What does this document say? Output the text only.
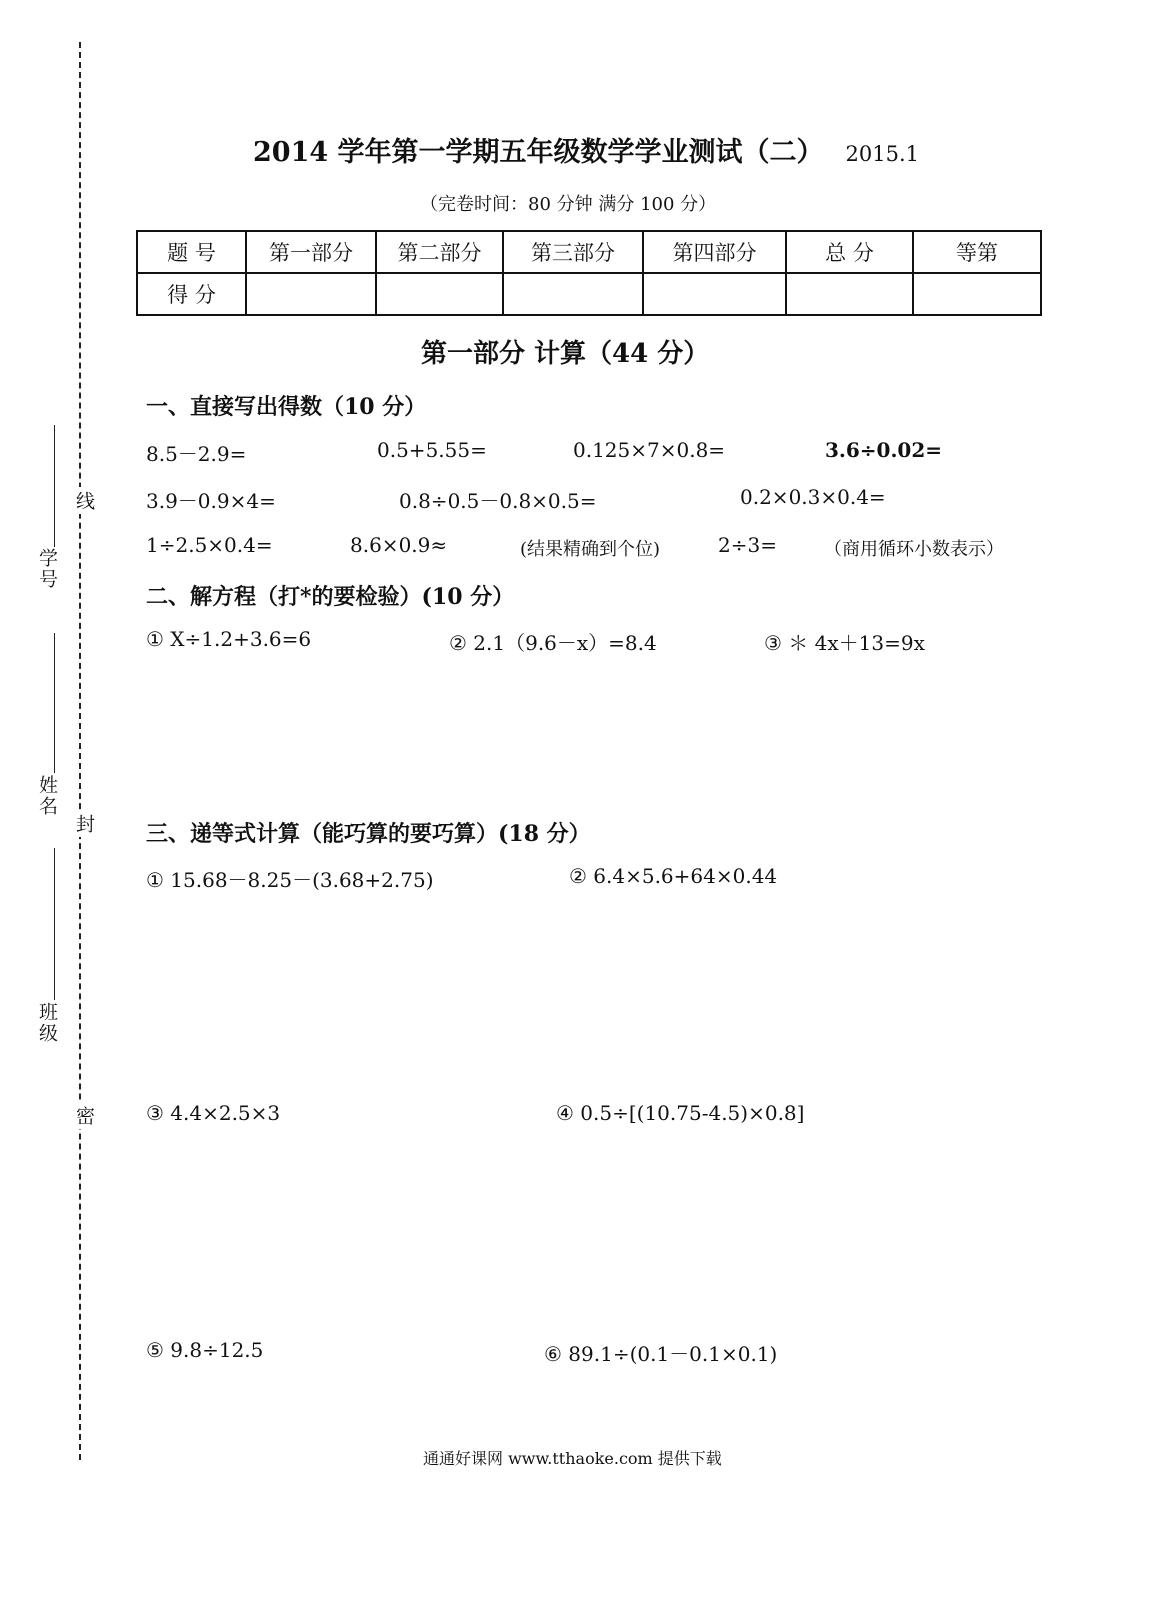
线
封
密
学号
姓名
班级
2014 学年第一学期五年级数学学业测试（二） 2015.1
（完卷时间：80 分钟 满分 100 分）
题 号	第一部分	第二部分	第三部分	第四部分	总 分	等第
得 分						
第一部分 计算（44 分）
一、直接写出得数（10 分）
8.5－2.9=	0.5+5.55=	0.125×7×0.8=	3.6÷0.02=
3.9－0.9×4=	0.8÷0.5－0.8×0.5=	0.2×0.3×0.4=
1÷2.5×0.4=	8.6×0.9≈	(结果精确到个位)	2÷3=	（商用循环小数表示）
二、解方程（打*的要检验）(10 分）
① X÷1.2+3.6=6	② 2.1（9.6－x）=8.4	③ ＊ 4x＋13=9x
三、递等式计算（能巧算的要巧算）(18 分）
① 15.68－8.25－(3.68+2.75)	② 6.4×5.6+64×0.44
③ 4.4×2.5×3	④ 0.5÷[(10.75-4.5)×0.8]
⑤ 9.8÷12.5	⑥ 89.1÷(0.1－0.1×0.1)
通通好课网 www.tthaoke.com 提供下载
